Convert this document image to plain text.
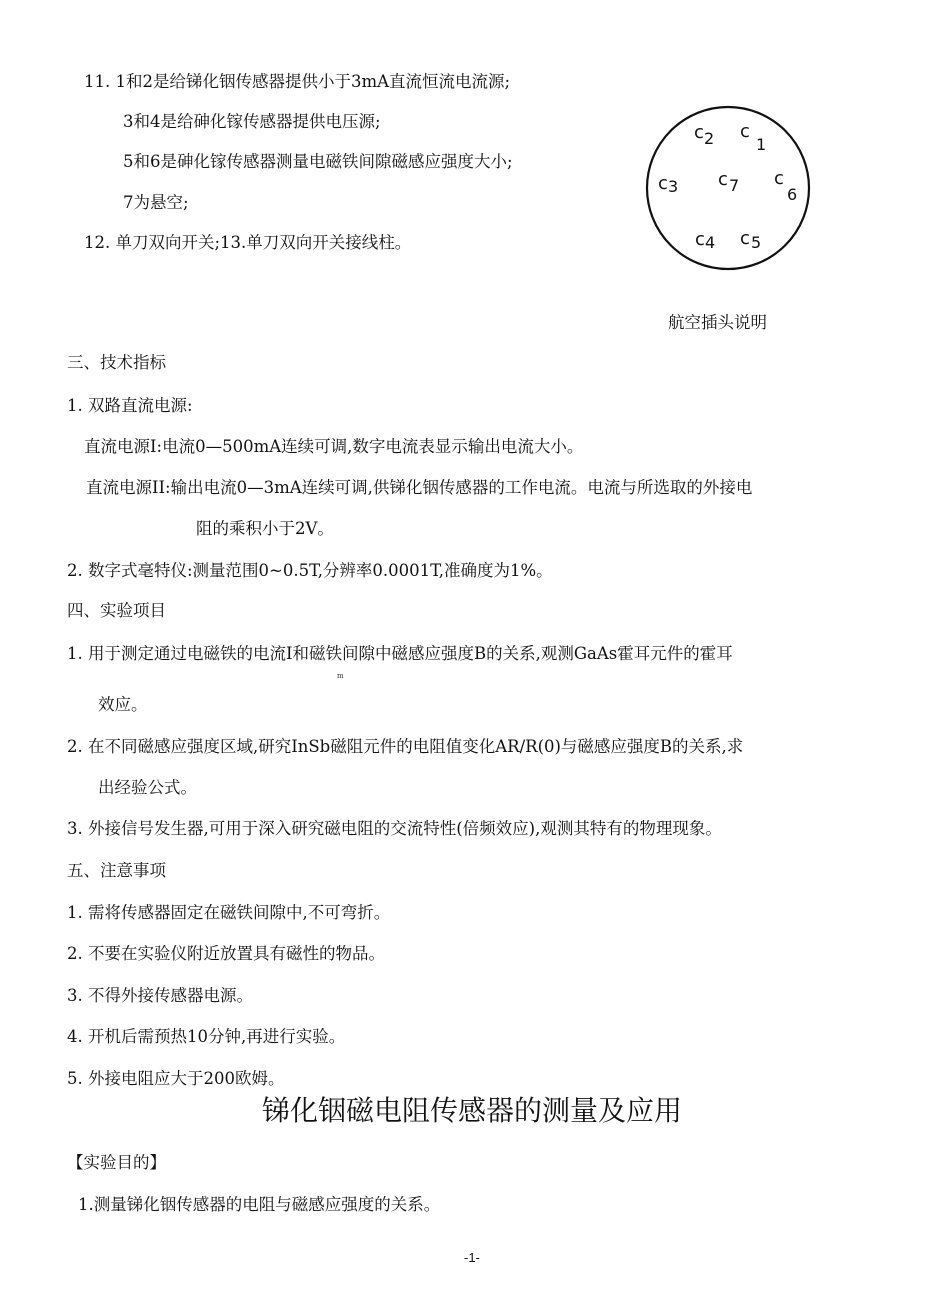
11. 1和2是给锑化铟传感器提供小于3mA直流恒流电流源;
3和4是给砷化镓传感器提供电压源;
5和6是砷化镓传感器测量电磁铁间隙磁感应强度大小;
7为悬空;
12. 单刀双向开关;13.单刀双向开关接线柱。
c 2 c
1
c 3 c 7 c
6
c 4 c 5
航空插头说明
三、技术指标
1. 双路直流电源:
直流电源I:电流0—500mA连续可调,数字电流表显示输出电流大小。
直流电源II:输出电流0—3mA连续可调,供锑化铟传感器的工作电流。电流与所选取的外接电
阻的乘积小于2V。
2. 数字式毫特仪:测量范围0~0.5T,分辨率0.0001T,准确度为1%。
四、实验项目
1. 用于测定通过电磁铁的电流I和磁铁间隙中磁感应强度B的关系,观测GaAs霍耳元件的霍耳
m
效应。
2. 在不同磁感应强度区域,研究InSb磁阻元件的电阻值变化AR/R(0)与磁感应强度B的关系,求
出经验公式。
3. 外接信号发生器,可用于深入研究磁电阻的交流特性(倍频效应),观测其特有的物理现象。
五、注意事项
1. 需将传感器固定在磁铁间隙中,不可弯折。
2. 不要在实验仪附近放置具有磁性的物品。
3. 不得外接传感器电源。
4. 开机后需预热10分钟,再进行实验。
5. 外接电阻应大于200欧姆。
锑化铟磁电阻传感器的测量及应用
【实验目的】
1.测量锑化铟传感器的电阻与磁感应强度的关系。
-1-
